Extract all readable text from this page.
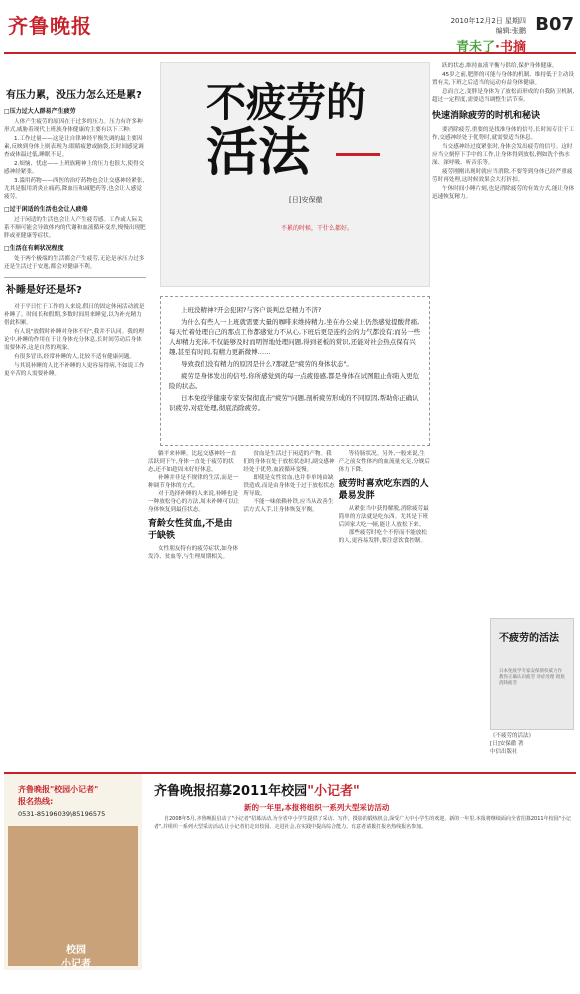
齐鲁晚报	2010年12月2日 星期四
编辑:张鹏 B07
青未了·书摘
有压力累，没压力怎么还是累?
□压力过大人群易产生疲劳

人体产生疲劳的原因在于过多的压力。压力有许多种形式,威胁着现代上班族身体健康的主要有以下三种:

1.工作过量——这是让自律神经平衡失调的最主要因素,反映到身体上则表现为:眼睛疲惫或脑袋,长时间感觉调查或体温过低,睡眠不足。

2.烦恼、忧虑——上班族精神上的压力也很大,使得交感神经紧张。

3.滥用药物——西医的治疗药物也会让交感神经紧张,尤其是服用消炎止痛药,降血压和减肥药等,也会让人感觉疲劳。

□过于闲适的生活也会让人疲倦

过于闲适的生活也会让人产生疲劳感。工作或人际关系不顺可能会导致体内的代谢和血液循环变差,慢慢出现肥胖或亚健康等症状。

□生活在有刺状况程度

处于两个极端的生活都会产生疲劳,无论是承压力过多还是生活过于安逸,都会对健康不利。

补睡是好还是坏?

对于平日忙于工作的人来说,假日的固定休闲活动就是补睡了。时间长和假期,多数时间用来睡觉,以为补充精力借此积累。

有人说"放假时补睡对身体不好",我并不认同。我的理论中,补睡的作用在于让身体充分休息,长时间劳动后身体需要休养,这是自然的现象。

有很多冒出,经常补睡的人,比较不适有健康问题。

与其说补睡的人比不补睡的人更容易得病,不如说工作更辛苦的人需要补睡。

不疲劳的
活法
[日]安保徹
不累的时候，干什么都好。

上班没精神?开会犯困?与客户谈判总是精力不济?

为什么有些人一上班就需要大量的咖啡来维持精力,坐在办公桌上仍然感觉提酸背痛,每天忙着处理自己的那点工作都感觉力不从心,下班后更是连约会的力气都没有;而另一些人却精力充沛,不仅能够及时而明智地处理问题,得到老板的赏识,还能对社会热点保有兴趣,甚至有时间,有精力更新微博……

导致我们没有精力的原因是什么?那就是"疲劳的身体状态"。

疲劳是身体发出的信号,你所感觉到的每一点疲倦感,都是身体在试图阻止你陷入更危险的状态。

日本免疫学健康专家安保彻直击"疲劳"问题,剖析疲劳形成的不同原因,帮助你正确认识疲劳,对症处理,彻底消除疲劳。

躺平来补睡。比起交感神经一直活跃到下午,身体一直处于疲劳的状态,还不如趁周末好好休息。

补睡并非是不规律的生活,而是一种调节身体的方式。

对于选择补睡的人来说,补睡也是一种放松身心的方法,周末补睡可以让身体恢复到最佳状态。

育龄女性贫血,不是由于缺铁

女性朋友特有的疲劳症状,如身体发冷、贫血等,与生理周期相关。

贫血是生活过于闲适的产物。我们的身体在处于放松状态时,副交感神经处于优势,血液循环变慢。

即使是女性贫血,也并非单纯由缺铁造成,而是由身体处于过于放松状态所导致。

不能一味依赖补铁,应当从改善生活方式入手,让身体恢复平衡。

等待肠状况。另外,一般来说,生产之前女性体内的血流量充足,分娩后体力下降。

疲劳时喜欢吃东西的人最易发胖

从紧张当中获得解脱,消除疲劳最简单的方法就是吃东西。尤其是下班后回家大吃一顿,能让人放松下来。

那些疲劳时吃个不停而不能放松的人,更容易发胖,要注意饮食控制。

跃的状态,维持血液平衡与供给,保护身体健康。

45岁之前,肥胖的可能与身体的机制、维持低于主动设置有关,下班之后适当的运动有益身体健康。

总而言之,变胖是身体为了放松而形成的自我防卫机制,超过一定程度,需要适当调整生活节奏。

快速消除疲劳的时机和秘诀

要消除疲劳,重要的是找准身体的信号,长时间专注于工作,交感神经处于优势时,就需要适当休息。

当交感神经过度紧张时,身体会发出疲劳的信号。这时应当立刻停下手中的工作,让身体得到放松,例如洗个热水澡、深呼吸、听音乐等。

疲劳刚刚出现时就应当消除,不要等到身体已经严重疲劳时再处理,这时候效果会大打折扣。

午休时间小睡片刻,也是消除疲劳的有效方式,能让身体迅速恢复精力。

不疲劳的活法
日本免疫学专家安保彻权威力作 教你正确认识疲劳 对症处理 彻底消除疲劳
《不疲劳的活法》
[日]安保徹 著
中信出版社
齐鲁晚报"校园小记者"
报名热线:
0531-85196039\85196575
校园
小记者
齐鲁晚报招募2011年校园"小记者"
新的一年里,本报将组织一系列大型采访活动

自2008年5月,齐鲁晚报启动了"小记者"招募活动,为全省中小学生提供了采访、写作、摄影的锻炼机会,深受广大中小学生的欢迎。新的一年里,本报将继续面向全省招募2011年校园"小记者",并组织一系列大型采访活动,让小记者们走出校园、走进社会,在实践中提高综合能力。有意者请拨打报名热线报名参加。
